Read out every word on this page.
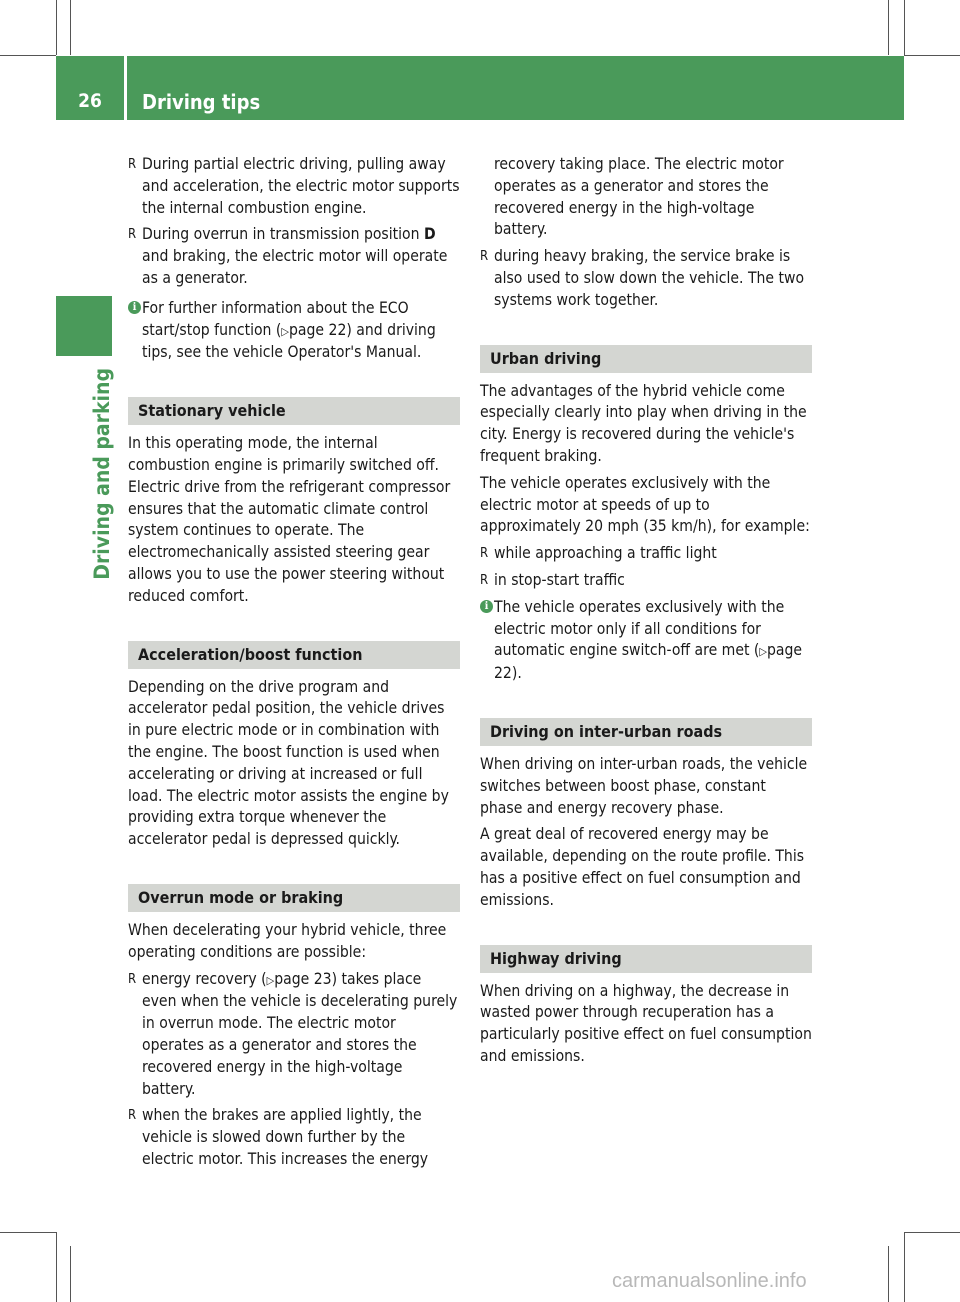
26	Driving tips
Driving and parking
R During partial electric driving, pulling away and acceleration, the electric motor supports the internal combustion engine.
R During overrun in transmission position D and braking, the electric motor will operate as a generator.
i For further information about the ECO start/stop function (▷page 22) and driving tips, see the vehicle Operator's Manual.
Stationary vehicle

In this operating mode, the internal combustion engine is primarily switched off. Electric drive from the refrigerant compressor ensures that the automatic climate control system continues to operate. The electromechanically assisted steering gear allows you to use the power steering without reduced comfort.

Acceleration/boost function

Depending on the drive program and accelerator pedal position, the vehicle drives in pure electric mode or in combination with the engine. The boost function is used when accelerating or driving at increased or full load. The electric motor assists the engine by providing extra torque whenever the accelerator pedal is depressed quickly.

Overrun mode or braking

When decelerating your hybrid vehicle, three operating conditions are possible:

R energy recovery (▷page 23) takes place even when the vehicle is decelerating purely in overrun mode. The electric motor operates as a generator and stores the recovered energy in the high-voltage battery.
R when the brakes are applied lightly, the vehicle is slowed down further by the electric motor. This increases the energy

recovery taking place. The electric motor operates as a generator and stores the recovered energy in the high-voltage battery.

R during heavy braking, the service brake is also used to slow down the vehicle. The two systems work together.
Urban driving

The advantages of the hybrid vehicle come especially clearly into play when driving in the city. Energy is recovered during the vehicle's frequent braking.

The vehicle operates exclusively with the electric motor at speeds of up to approximately 20 mph (35 km/h), for example:

R while approaching a traffic light
R in stop-start traffic
i The vehicle operates exclusively with the electric motor only if all conditions for automatic engine switch-off are met (▷page 22).
Driving on inter-urban roads

When driving on inter-urban roads, the vehicle switches between boost phase, constant phase and energy recovery phase.

A great deal of recovered energy may be available, depending on the route profile. This has a positive effect on fuel consumption and emissions.

Highway driving

When driving on a highway, the decrease in wasted power through recuperation has a particularly positive effect on fuel consumption and emissions.

carmanualsonline.info
